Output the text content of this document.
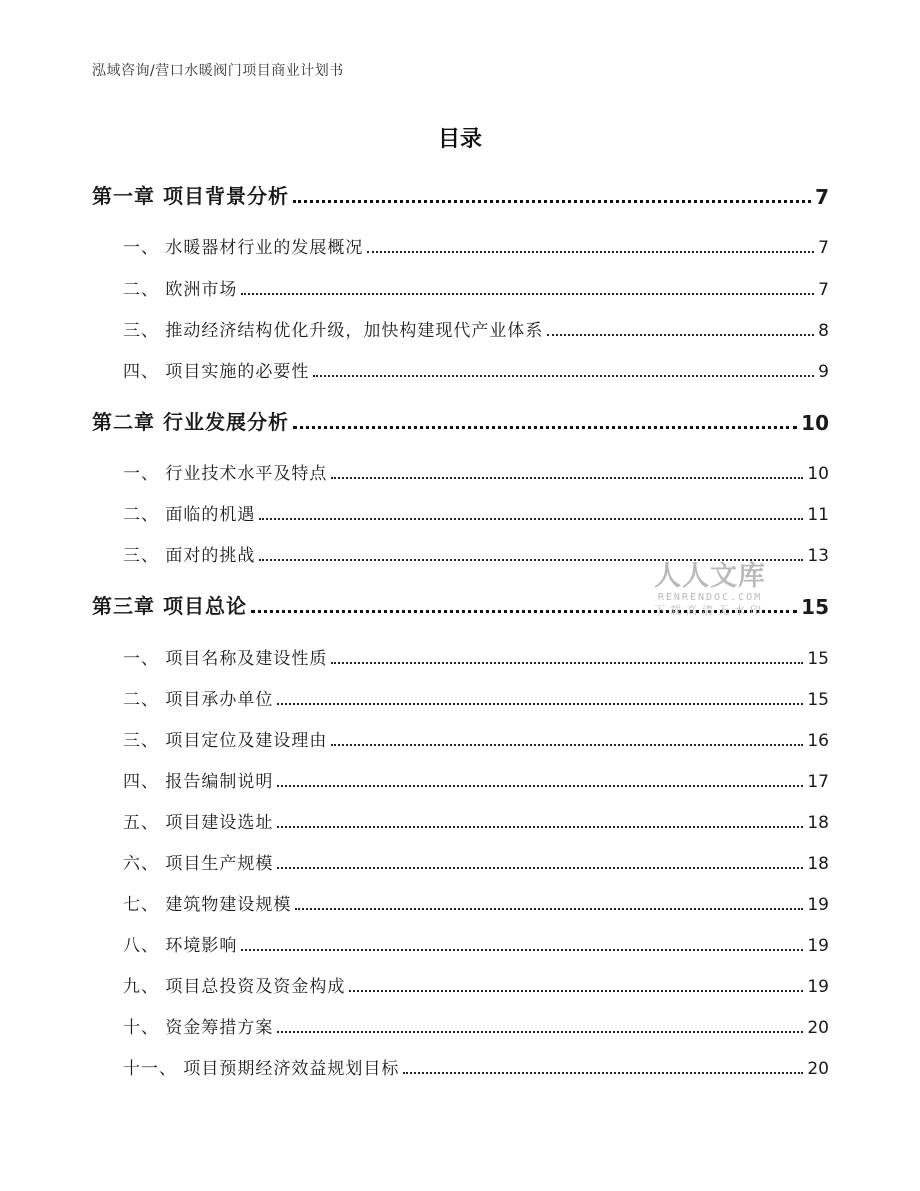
泓域咨询/营口水暖阀门项目商业计划书
目录
第一章 项目背景分析	7
一、 水暖器材行业的发展概况	7
二、 欧洲市场	7
三、 推动经济结构优化升级，加快构建现代产业体系	8
四、 项目实施的必要性	9
第二章 行业发展分析	10
一、 行业技术水平及特点	10
二、 面临的机遇	11
三、 面对的挑战	13
第三章 项目总论	15
一、 项目名称及建设性质	15
二、 项目承办单位	15
三、 项目定位及建设理由	16
四、 报告编制说明	17
五、 项目建设选址	18
六、 项目生产规模	18
七、 建筑物建设规模	19
八、 环境影响	19
九、 项目总投资及资金构成	19
十、 资金筹措方案	20
十一、 项目预期经济效益规划目标	20
人人文库
RENRENDOC.COM
下载高清无水印
